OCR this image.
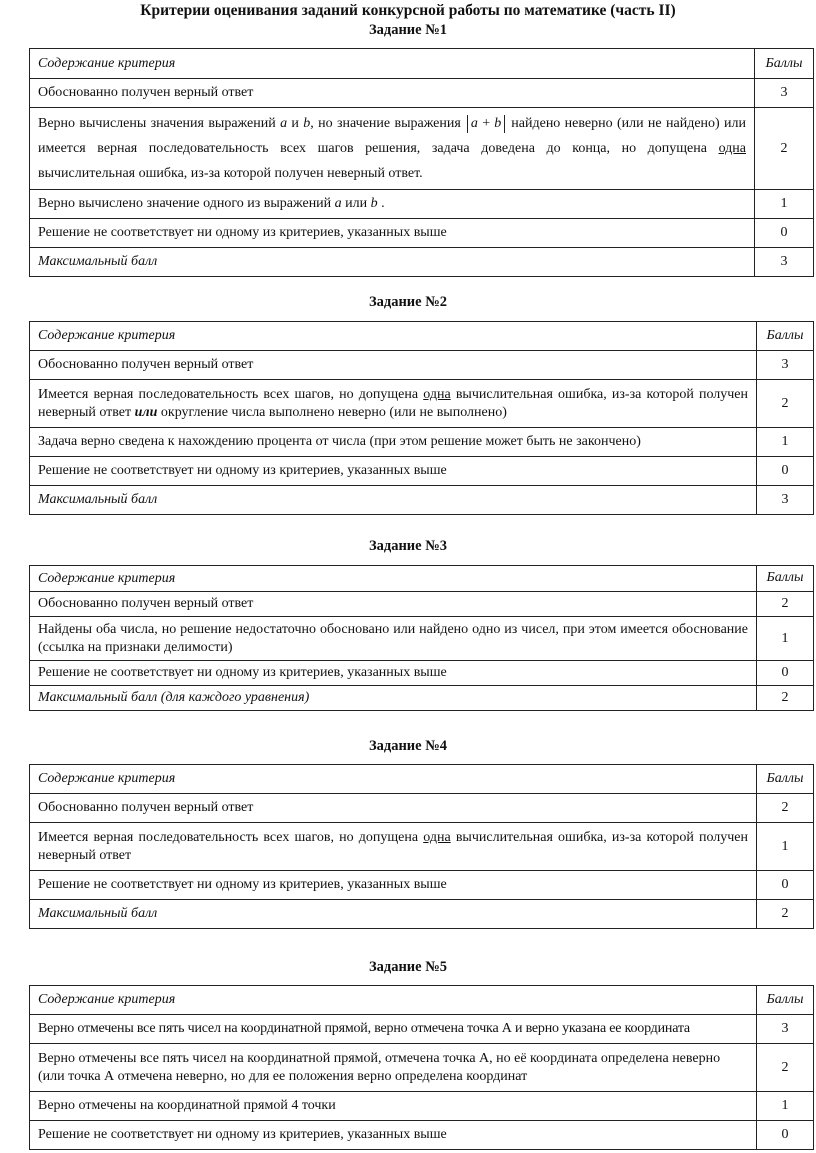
Критерии оценивания заданий конкурсной работы по математике (часть II)
Задание №1
Содержание критерия	Баллы
Обоснованно получен верный ответ	3
Верно вычислены значения выражений a и b, но значение выражения a + b найдено неверно (или не найдено) или имеется верная последовательность всех шагов решения, задача доведена до конца, но допущена одна вычислительная ошибка, из-за которой получен неверный ответ.	2
Верно вычислено значение одного из выражений a или b .	1
Решение не соответствует ни одному из критериев, указанных выше	0
Максимальный балл	3
Задание №2
Содержание критерия	Баллы
Обоснованно получен верный ответ	3
Имеется верная последовательность всех шагов, но допущена одна вычислительная ошибка, из-за которой получен неверный ответ или округление числа выполнено неверно (или не выполнено)	2
Задача верно сведена к нахождению процента от числа (при этом решение может быть не закончено)	1
Решение не соответствует ни одному из критериев, указанных выше	0
Максимальный балл	3
Задание №3
Содержание критерия	Баллы
Обоснованно получен верный ответ	2
Найдены оба числа, но решение недостаточно обосновано или найдено одно из чисел, при этом имеется обоснование (ссылка на признаки делимости)	1
Решение не соответствует ни одному из критериев, указанных выше	0
Максимальный балл (для каждого уравнения)	2
Задание №4
Содержание критерия	Баллы
Обоснованно получен верный ответ	2
Имеется верная последовательность всех шагов, но допущена одна вычислительная ошибка, из-за которой получен неверный ответ	1
Решение не соответствует ни одному из критериев, указанных выше	0
Максимальный балл	2
Задание №5
Содержание критерия	Баллы
Верно отмечены все пять чисел на координатной прямой, верно отмечена точка А и верно указана ее координата	3
Верно отмечены все пять чисел на координатной прямой, отмечена точка А, но её координата определена неверно (или точка А отмечена неверно, но для ее положения верно определена координат	2
Верно отмечены на координатной прямой 4 точки	1
Решение не соответствует ни одному из критериев, указанных выше	0
